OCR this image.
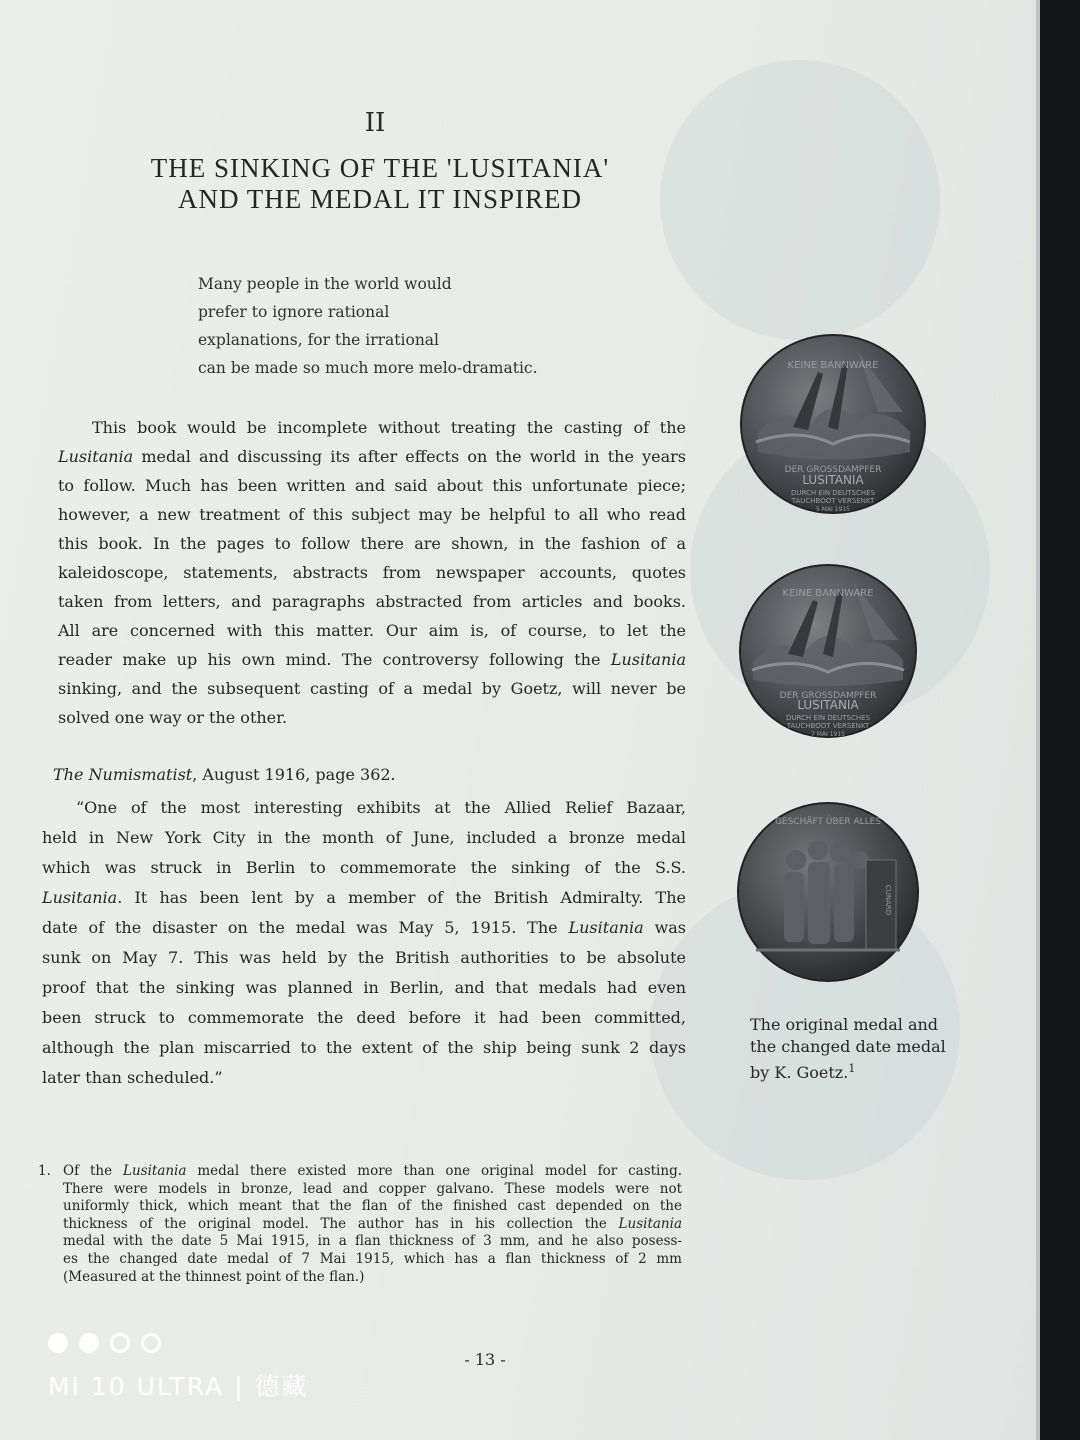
II
THE SINKING OF THE 'LUSITANIA'
AND THE MEDAL IT INSPIRED
Many people in the world would
prefer to ignore rational
explanations, for the irrational
can be made so much more melo-dramatic.
This book would be incomplete without treating the casting of the
Lusitania medal and discussing its after effects on the world in the years
to follow. Much has been written and said about this unfortunate piece;
however, a new treatment of this subject may be helpful to all who read
this book. In the pages to follow there are shown, in the fashion of a
kaleidoscope, statements, abstracts from newspaper accounts, quotes
taken from letters, and paragraphs abstracted from articles and books.
All are concerned with this matter. Our aim is, of course, to let the
reader make up his own mind. The controversy following the Lusitania
sinking, and the subsequent casting of a medal by Goetz, will never be
solved one way or the other.
The Numismatist, August 1916, page 362.
“One of the most interesting exhibits at the Allied Relief Bazaar,
held in New York City in the month of June, included a bronze medal
which was struck in Berlin to commemorate the sinking of the S.S.
Lusitania. It has been lent by a member of the British Admiralty. The
date of the disaster on the medal was May 5, 1915. The Lusitania was
sunk on May 7. This was held by the British authorities to be absolute
proof that the sinking was planned in Berlin, and that medals had even
been struck to commemorate the deed before it had been committed,
although the plan miscarried to the extent of the ship being sunk 2 days
later than scheduled.”
KEINE BANNWARE
DER GROSSDAMPFER
LUSITANIA
DURCH EIN DEUTSCHES
TAUCHBOOT VERSENKT
5 MAI 1915
KEINE BANNWARE
DER GROSSDAMPFER
LUSITANIA
DURCH EIN DEUTSCHES
TAUCHBOOT VERSENKT
7 MAI 1915
GESCHÄFT ÜBER ALLES
CUNARD
The original medal and
the changed date medal
by K. Goetz.$^1$
1. Of the Lusitania medal there existed more than one original model for casting.
There were models in bronze, lead and copper galvano. These models were not
uniformly thick, which meant that the flan of the finished cast depended on the
thickness of the original model. The author has in his collection the Lusitania
medal with the date 5 Mai 1915, in a flan thickness of 3 mm, and he also posess-
es the changed date medal of 7 Mai 1915, which has a flan thickness of 2 mm
(Measured at the thinnest point of the flan.)
- 13 -
MI 10 ULTRA | 德藏
